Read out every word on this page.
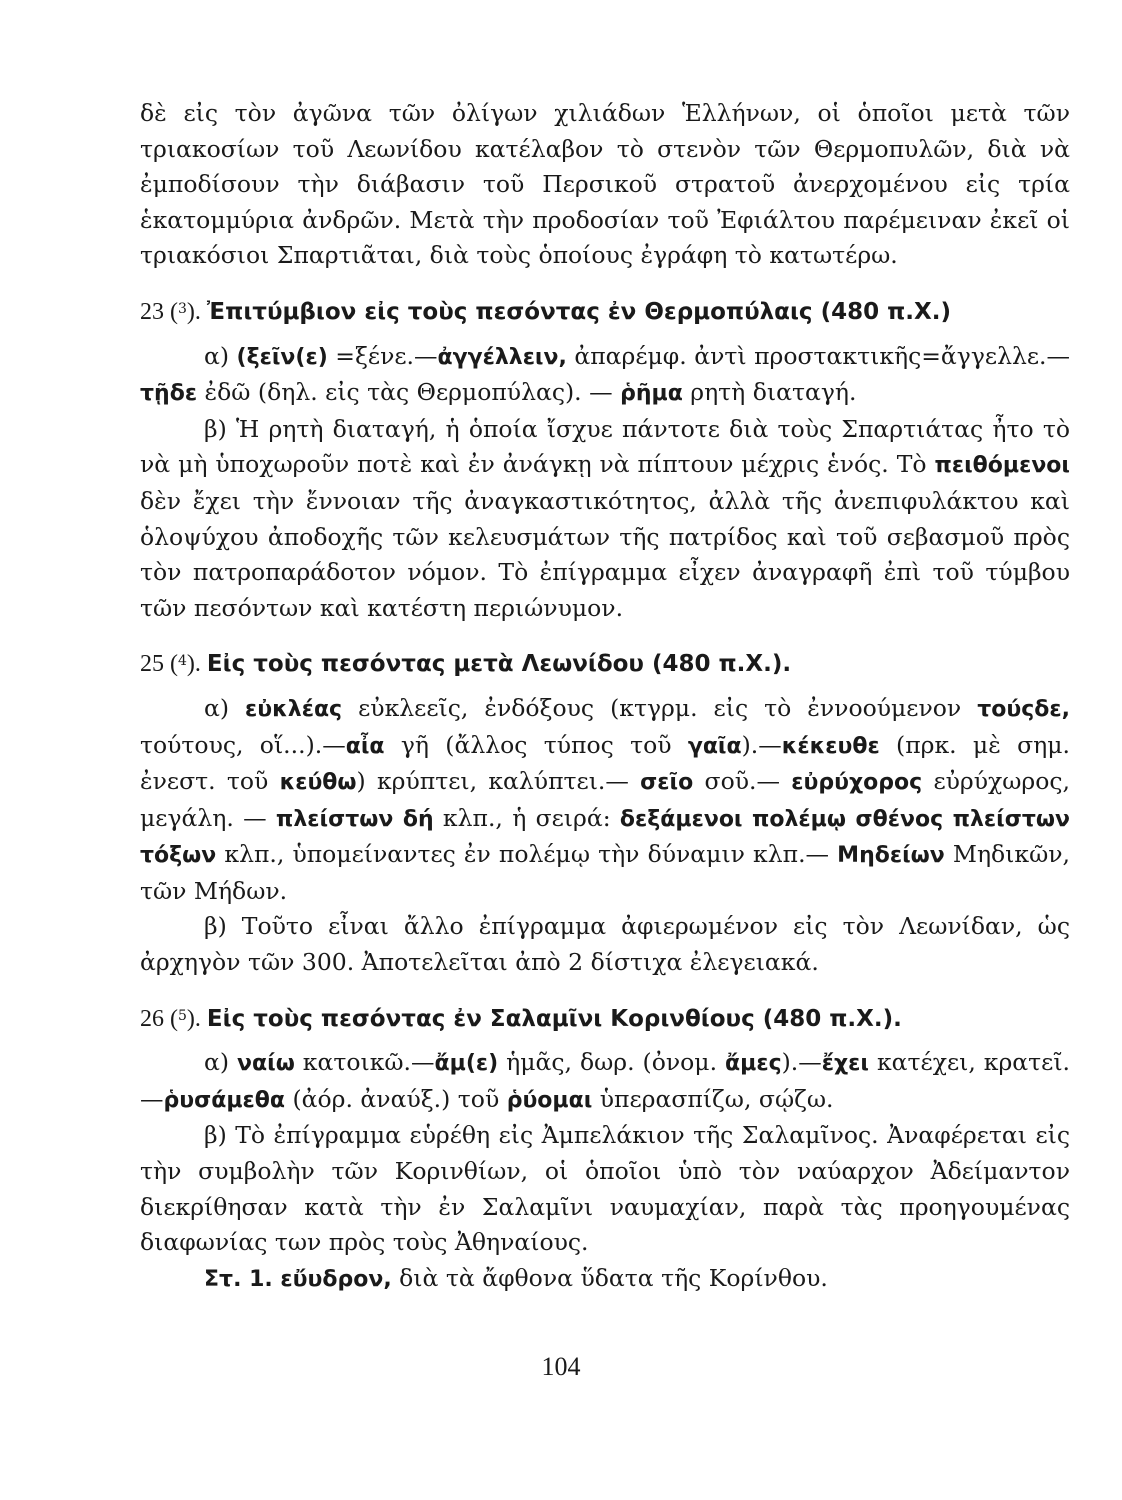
δὲ εἰς τὸν ἀγῶνα τῶν ὀλίγων χιλιάδων Ἑλλήνων, οἱ ὁποῖοι μετὰ τῶν τριακοσίων τοῦ Λεωνίδου κατέλαβον τὸ στενὸν τῶν Θερμοπυλῶν, διὰ νὰ ἐμποδίσουν τὴν διάβασιν τοῦ Περσικοῦ στρατοῦ ἀνερχομένου εἰς τρία ἑκατομμύρια ἀνδρῶν. Μετὰ τὴν προδοσίαν τοῦ Ἐφιάλτου παρέμειναν ἐκεῖ οἱ τριακόσιοι Σπαρτιᾶται, διὰ τοὺς ὁποίους ἐγράφη τὸ κατωτέρω.

23 ($^3$). Ἐπιτύμβιον εἰς τοὺς πεσόντας ἐν Θερμοπύλαις (480 π.Χ.)

α) (ξεῖν(ε) =ξένε.—ἀγγέλλειν, ἀπαρέμφ. ἀντὶ προστακτικῆς=ἄγγελλε.— τῇδε ἐδῶ (δηλ. εἰς τὰς Θερμοπύλας). — ῥῆμα ρητὴ διαταγή.

β) Ἡ ρητὴ διαταγή, ἡ ὁποία ἴσχυε πάντοτε διὰ τοὺς Σπαρτιάτας ἦτο τὸ νὰ μὴ ὑποχωροῦν ποτὲ καὶ ἐν ἀνάγκῃ νὰ πίπτουν μέχρις ἑνός. Τὸ πειθόμενοι δὲν ἔχει τὴν ἔννοιαν τῆς ἀναγκαστικότητος, ἀλλὰ τῆς ἀνεπιφυλάκτου καὶ ὁλοψύχου ἀποδοχῆς τῶν κελευσμάτων τῆς πατρίδος καὶ τοῦ σεβασμοῦ πρὸς τὸν πατροπαράδοτον νόμον. Τὸ ἐπίγραμμα εἶχεν ἀναγραφῆ ἐπὶ τοῦ τύμβου τῶν πεσόντων καὶ κατέστη περιώνυμον.

25 ($^4$). Εἰς τοὺς πεσόντας μετὰ Λεωνίδου (480 π.Χ.).

α) εὐκλέας εὐκλεεῖς, ἐνδόξους (κτγρμ. εἰς τὸ ἐννοούμενον τούςδε, τούτους, οἵ...).—αἶα γῆ (ἄλλος τύπος τοῦ γαῖα).—κέκευθε (πρκ. μὲ σημ. ἐνεστ. τοῦ κεύθω) κρύπτει, καλύπτει.— σεῖο σοῦ.— εὐρύχορος εὐρύχωρος, μεγάλη. — πλείστων δή κλπ., ἡ σειρά: δεξάμενοι πολέμῳ σθένος πλείστων τόξων κλπ., ὑπομείναντες ἐν πολέμῳ τὴν δύναμιν κλπ.— Μηδείων Μηδικῶν, τῶν Μήδων.

β) Τοῦτο εἶναι ἄλλο ἐπίγραμμα ἀφιερωμένον εἰς τὸν Λεωνίδαν, ὡς ἀρχηγὸν τῶν 300. Ἀποτελεῖται ἀπὸ 2 δίστιχα ἐλεγειακά.

26 ($^5$). Εἰς τοὺς πεσόντας ἐν Σαλαμῖνι Κορινθίους (480 π.Χ.).

α) ναίω κατοικῶ.—ἄμ(ε) ἡμᾶς, δωρ. (ὀνομ. ἄμες).—ἔχει κατέχει, κρατεῖ.—ῥυσάμεθα (ἀόρ. ἀναύξ.) τοῦ ῥύομαι ὑπερασπίζω, σῴζω.

β) Τὸ ἐπίγραμμα εὑρέθη εἰς Ἀμπελάκιον τῆς Σαλαμῖνος. Ἀναφέρεται εἰς τὴν συμβολὴν τῶν Κορινθίων, οἱ ὁποῖοι ὑπὸ τὸν ναύαρχον Ἀδείμαντον διεκρίθησαν κατὰ τὴν ἐν Σαλαμῖνι ναυμαχίαν, παρὰ τὰς προηγουμένας διαφωνίας των πρὸς τοὺς Ἀθηναίους.

Στ. 1. εὔυδρον, διὰ τὰ ἄφθονα ὕδατα τῆς Κορίνθου.

104
